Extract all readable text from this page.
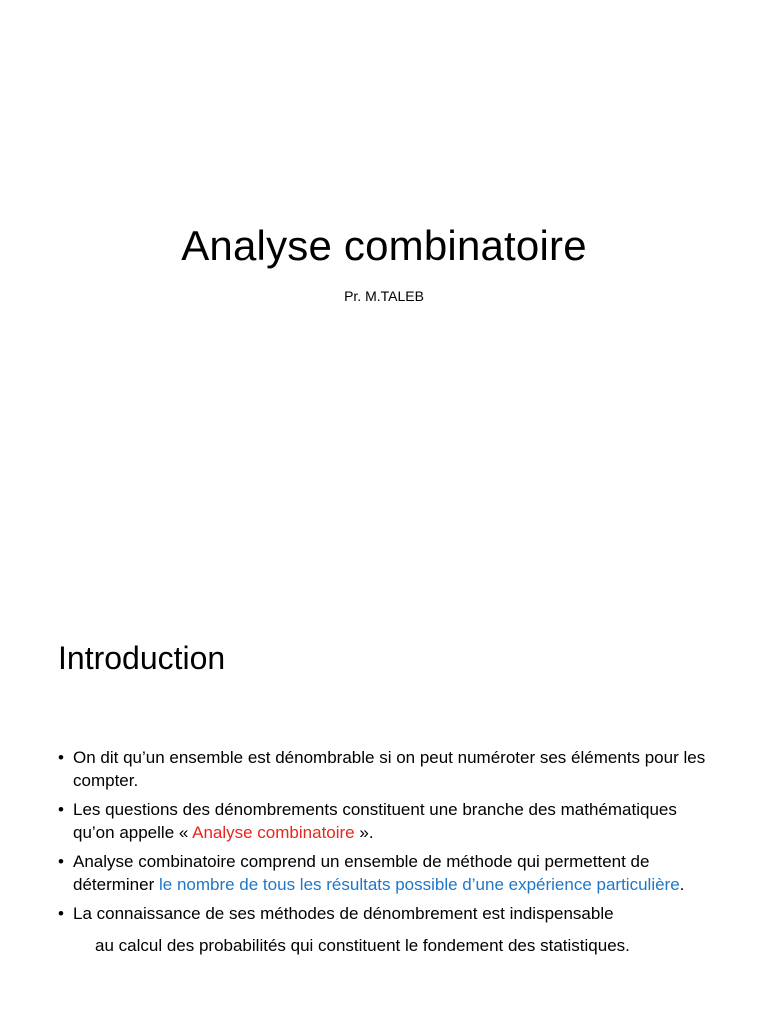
Analyse combinatoire

Pr. M.TALEB

Introduction
• On dit qu’un ensemble est dénombrable si on peut numéroter ses éléments pour les compter.
• Les questions des dénombrements constituent une branche des mathématiques qu’on appelle « Analyse combinatoire ».
• Analyse combinatoire comprend un ensemble de méthode qui permettent de déterminer le nombre de tous les résultats possible d’une expérience particulière.
• La connaissance de ses méthodes de dénombrement est indispensable
au calcul des probabilités qui constituent le fondement des statistiques.
